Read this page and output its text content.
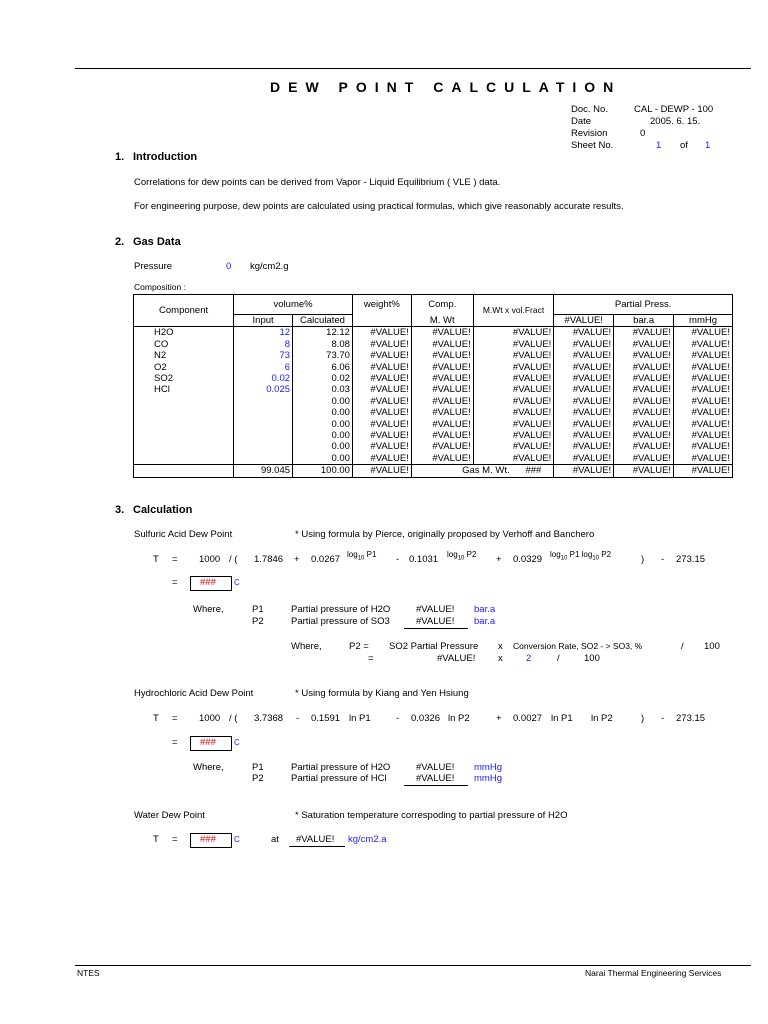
DEW POINT CALCULATION
Doc. No.	CAL - DEWP - 100
Date	2005. 6. 15.
Revision	0
Sheet No.	1 of 1
1. Introduction
Correlations for dew points can be derived from Vapor - Liquid Equilibrium ( VLE ) data.
For engineering purpose, dew points are calculated using practical formulas, which give reasonably accurate results.
2. Gas Data
Pressure	0 kg/cm2.g
Composition :
Component	volume%		weight%	Comp.	M.Wt x vol.Fract	Partial Press.		
	Input	Calculated		M. Wt		#VALUE!	bar.a	mmHg
H2O	12	12.12	#VALUE!	#VALUE!	#VALUE!	#VALUE!	#VALUE!	#VALUE!
CO	8	8.08	#VALUE!	#VALUE!	#VALUE!	#VALUE!	#VALUE!	#VALUE!
N2	73	73.70	#VALUE!	#VALUE!	#VALUE!	#VALUE!	#VALUE!	#VALUE!
O2	6	6.06	#VALUE!	#VALUE!	#VALUE!	#VALUE!	#VALUE!	#VALUE!
SO2	0.02	0.02	#VALUE!	#VALUE!	#VALUE!	#VALUE!	#VALUE!	#VALUE!
HCl	0.025	0.03	#VALUE!	#VALUE!	#VALUE!	#VALUE!	#VALUE!	#VALUE!
		0.00	#VALUE!	#VALUE!	#VALUE!	#VALUE!	#VALUE!	#VALUE!
		0.00	#VALUE!	#VALUE!	#VALUE!	#VALUE!	#VALUE!	#VALUE!
		0.00	#VALUE!	#VALUE!	#VALUE!	#VALUE!	#VALUE!	#VALUE!
		0.00	#VALUE!	#VALUE!	#VALUE!	#VALUE!	#VALUE!	#VALUE!
		0.00	#VALUE!	#VALUE!	#VALUE!	#VALUE!	#VALUE!	#VALUE!
		0.00	#VALUE!	#VALUE!	#VALUE!	#VALUE!	#VALUE!	#VALUE!
	99.045	100.00	#VALUE!	Gas M. Wt. ###		#VALUE!	#VALUE!	#VALUE!
3. Calculation
Sulfuric Acid Dew Point	* Using formula by Pierce, originally proposed by Verhoff and Banchero
T = 1000 / ( 1.7846 + 0.0267 $\log_{10} P1 - 0.1031$ $\log_{10} P2 + 0.0329$ $\log_{10} P1$ $\log_{10} P2$	) - 273.15
= ### C
Where,	P1	Partial pressure of H2O	#VALUE! bar.a
P2	Partial pressure of SO3	#VALUE! bar.a
Where,	P2 = SO2 Partial Pressure x Conversion Rate, SO2 - > SO3, %	/ 100
=	#VALUE! x 2	/	100
Hydrochloric Acid Dew Point	* Using formula by Kiang and Yen Hsiung
T = 1000 / ( 3.7368 - 0.1591 ln P1	- 0.0326 ln P2	+ 0.0027 ln P1 ln P2	) - 273.15
= ### C
Where,	P1	Partial pressure of H2O	#VALUE! mmHg
P2	Partial pressure of HCl	#VALUE! mmHg
Water Dew Point	* Saturation temperature correspoding to partial pressure of H2O
T = ### C	at #VALUE! kg/cm2.a
NTES	Narai Thermal Engineering Services
